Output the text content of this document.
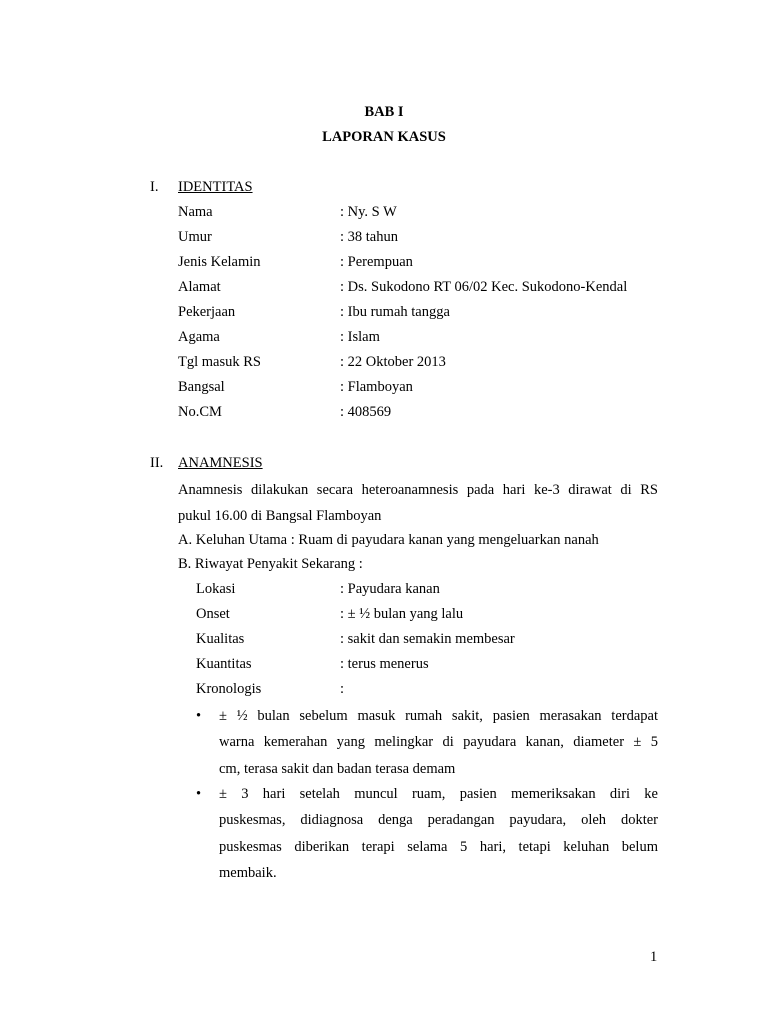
BAB I
LAPORAN KASUS
I. IDENTITAS
Nama	: Ny. S W
Umur	: 38 tahun
Jenis Kelamin	: Perempuan
Alamat	: Ds. Sukodono RT 06/02 Kec. Sukodono-Kendal
Pekerjaan	: Ibu rumah tangga
Agama	: Islam
Tgl masuk RS	: 22 Oktober 2013
Bangsal	: Flamboyan
No.CM	: 408569
II. ANAMNESIS
Anamnesis dilakukan secara heteroanamnesis pada hari ke-3 dirawat di RS
pukul 16.00 di Bangsal Flamboyan
A. Keluhan Utama : Ruam di payudara kanan yang mengeluarkan nanah
B. Riwayat Penyakit Sekarang :
Lokasi	: Payudara kanan
Onset	: ± ½ bulan yang lalu
Kualitas	: sakit dan semakin membesar
Kuantitas	: terus menerus
Kronologis	:
• ± ½ bulan sebelum masuk rumah sakit, pasien merasakan terdapat
warna kemerahan yang melingkar di payudara kanan, diameter ± 5
cm, terasa sakit dan badan terasa demam
• ± 3 hari setelah muncul ruam, pasien memeriksakan diri ke
puskesmas, didiagnosa denga peradangan payudara, oleh dokter
puskesmas diberikan terapi selama 5 hari, tetapi keluhan belum
membaik.
1
